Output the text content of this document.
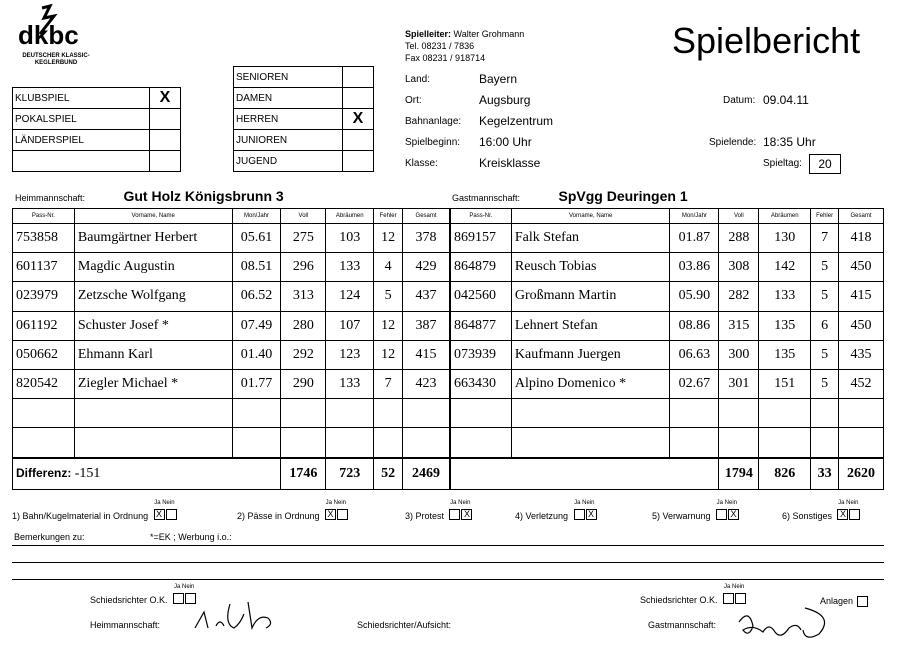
dkbc
DEUTSCHER KLASSIC-
KEGLERBUND
Spielleiter: Walter Grohmann
Tel. 08231 / 7836
Fax 08231 / 918714	Spielbericht
KLUBSPIEL	X
POKALSPIEL	
LÄNDERSPIEL	

SENIOREN	
DAMEN	
HERREN	X
JUNIOREN	
JUGEND	
Land:	Bayern
Ort:	Augsburg	Datum: 09.04.11
Bahnanlage: Kegelzentrum
Spielbeginn: 16:00 Uhr	Spielende: 18:35 Uhr
Klasse:	Kreisklasse	Spieltag:	20
Heimmannschaft:	Gut Holz Königsbrunn 3	Gastmannschaft:	SpVgg Deuringen 1
Pass-Nr.	Vorname, Name	Mon/Jahr	Voll	Abräumen	Fehler	Gesamt
753858	Baumgärtner Herbert	05.61	275	103	12	378
601137	Magdic Augustin	08.51	296	133	4	429
023979	Zetzsche Wolfgang	06.52	313	124	5	437
061192	Schuster Josef *	07.49	280	107	12	387
050662	Ehmann Karl	01.40	292	123	12	415
820542	Ziegler Michael *	01.77	290	133	7	423

Differenz: -151			1746	723	52	2469
Pass-Nr.	Vorname, Name	Mon/Jahr	Voll	Abräumen	Fehler	Gesamt
869157	Falk Stefan	01.87	288	130	7	418
864879	Reusch Tobias	03.86	308	142	5	450
042560	Großmann Martin	05.90	282	133	5	415
864877	Lehnert Stefan	08.86	315	135	6	450
073939	Kaufmann Juergen	06.63	300	135	5	435
663430	Alpino Domenico *	02.67	301	151	5	452

			1794	826	33	2620
Ja Nein
1) Bahn/Kugelmaterial in Ordnung X
Ja Nein
2) Pässe in Ordnung X
Ja Nein
3) Protest X
Ja Nein
4) Verletzung X
Ja Nein
5) Verwarnung X
Ja Nein
6) Sonstiges X
Bemerkungen zu:	*=EK ; Werbung i.o.:
Ja Nein
Schiedsrichter O.K.
Heimmannschaft:	Schiedsrichter/Aufsicht:
Ja Nein
Schiedsrichter O.K.	Anlagen
Gastmannschaft:
